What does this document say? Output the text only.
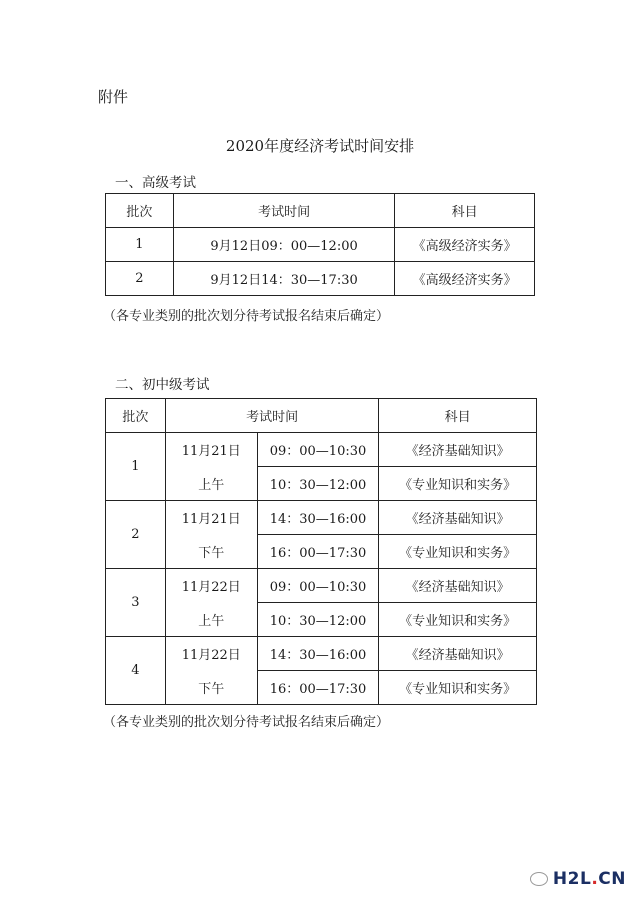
附件
2020年度经济考试时间安排
一、高级考试
批次	考试时间	科目
1	9月12日09：00—12:00	《高级经济实务》
2	9月12日14：30—17:30	《高级经济实务》
（各专业类别的批次划分待考试报名结束后确定）
二、初中级考试
批次	考试时间		科目
1	11月21日	09：00—10:30	《经济基础知识》
	上午	10：30—12:00	《专业知识和实务》
2	11月21日	14：30—16:00	《经济基础知识》
	下午	16：00—17:30	《专业知识和实务》
3	11月22日	09：00—10:30	《经济基础知识》
	上午	10：30—12:00	《专业知识和实务》
4	11月22日	14：30—16:00	《经济基础知识》
	下午	16：00—17:30	《专业知识和实务》
（各专业类别的批次划分待考试报名结束后确定）
H2L.CN
